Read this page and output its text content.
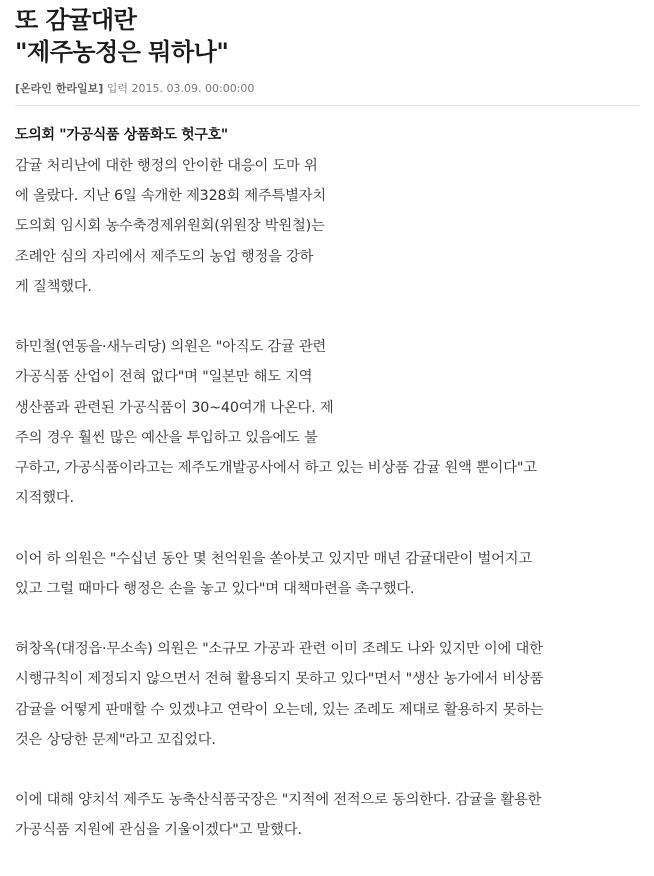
또 감귤대란
"제주농정은 뭐하나"
[온라인 한라일보] 입력 2015. 03.09. 00:00:00
도의회 "가공식품 상품화도 헛구호"

감귤 처리난에 대한 행정의 안이한 대응이 도마 위
에 올랐다. 지난 6일 속개한 제328회 제주특별자치
도의회 임시회 농수축경제위원회(위원장 박원철)는
조례안 심의 자리에서 제주도의 농업 행정을 강하
게 질책했다.

하민철(연동을·새누리당) 의원은 "아직도 감귤 관련
가공식품 산업이 전혀 없다"며 "일본만 해도 지역
생산품과 관련된 가공식품이 30~40여개 나온다. 제
주의 경우 훨씬 많은 예산을 투입하고 있음에도 불
구하고, 가공식품이라고는 제주도개발공사에서 하고 있는 비상품 감귤 원액 뿐이다"고
지적했다.

이어 하 의원은 "수십년 동안 몇 천억원을 쏟아붓고 있지만 매년 감귤대란이 벌어지고
있고 그럴 때마다 행정은 손을 놓고 있다"며 대책마련을 촉구했다.

허창옥(대정읍·무소속) 의원은 "소규모 가공과 관련 이미 조례도 나와 있지만 이에 대한
시행규칙이 제정되지 않으면서 전혀 활용되지 못하고 있다"면서 "생산 농가에서 비상품
감귤을 어떻게 판매할 수 있겠냐고 연락이 오는데, 있는 조례도 제대로 활용하지 못하는
것은 상당한 문제"라고 꼬집었다.

이에 대해 양치석 제주도 농축산식품국장은 "지적에 전적으로 동의한다. 감귤을 활용한
가공식품 지원에 관심을 기울이겠다"고 말했다.
